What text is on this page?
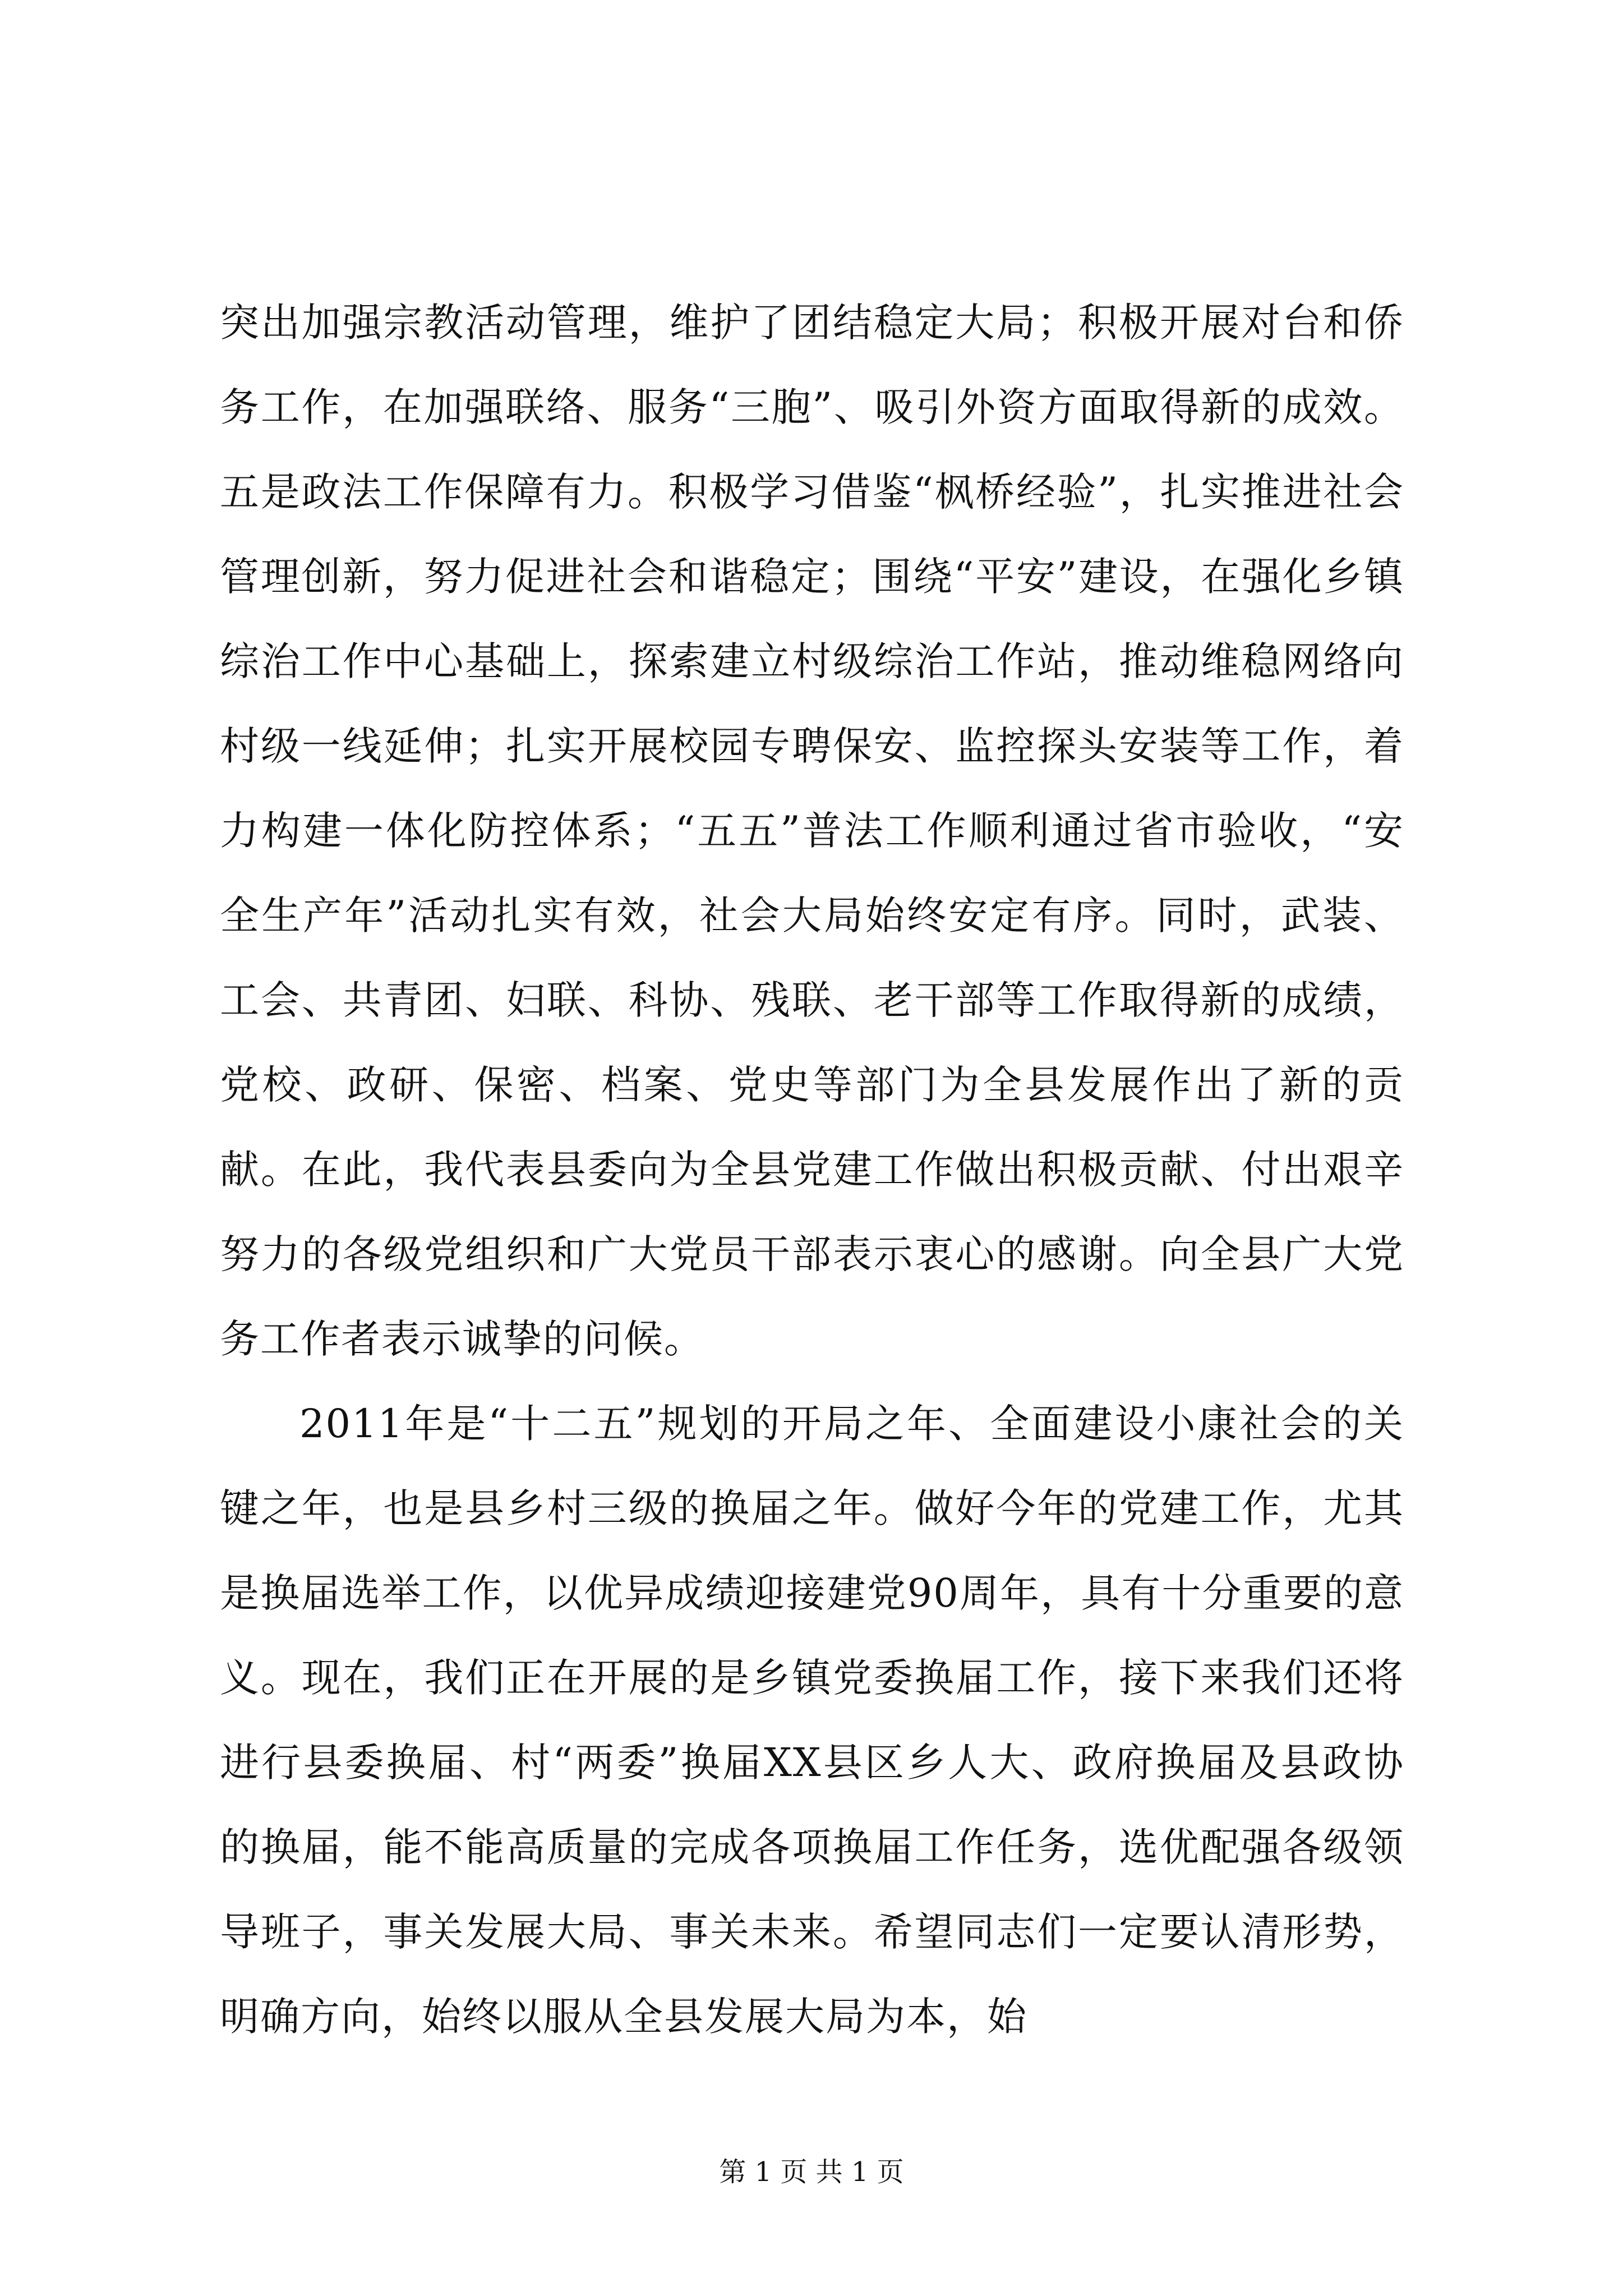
突出加强宗教活动管理，维护了团结稳定大局；积极开展对台和侨务工作，在加强联络、服务“三胞”、吸引外资方面取得新的成效。五是政法工作保障有力。积极学习借鉴“枫桥经验”，扎实推进社会管理创新，努力促进社会和谐稳定；围绕“平安”建设，在强化乡镇综治工作中心基础上，探索建立村级综治工作站，推动维稳网络向村级一线延伸；扎实开展校园专聘保安、监控探头安装等工作，着力构建一体化防控体系；“五五”普法工作顺利通过省市验收，“安全生产年”活动扎实有效，社会大局始终安定有序。同时，武装、工会、共青团、妇联、科协、残联、老干部等工作取得新的成绩，党校、政研、保密、档案、党史等部门为全县发展作出了新的贡献。在此，我代表县委向为全县党建工作做出积极贡献、付出艰辛努力的各级党组织和广大党员干部表示衷心的感谢。向全县广大党务工作者表示诚挚的问候。

2011年是“十二五”规划的开局之年、全面建设小康社会的关键之年，也是县乡村三级的换届之年。做好今年的党建工作，尤其是换届选举工作，以优异成绩迎接建党90周年，具有十分重要的意义。现在，我们正在开展的是乡镇党委换届工作，接下来我们还将进行县委换届、村“两委”换届XX县区乡人大、政府换届及县政协的换届，能不能高质量的完成各项换届工作任务，选优配强各级领导班子，事关发展大局、事关未来。希望同志们一定要认清形势，明确方向，始终以服从全县发展大局为本，始

第 1 页 共 1 页
